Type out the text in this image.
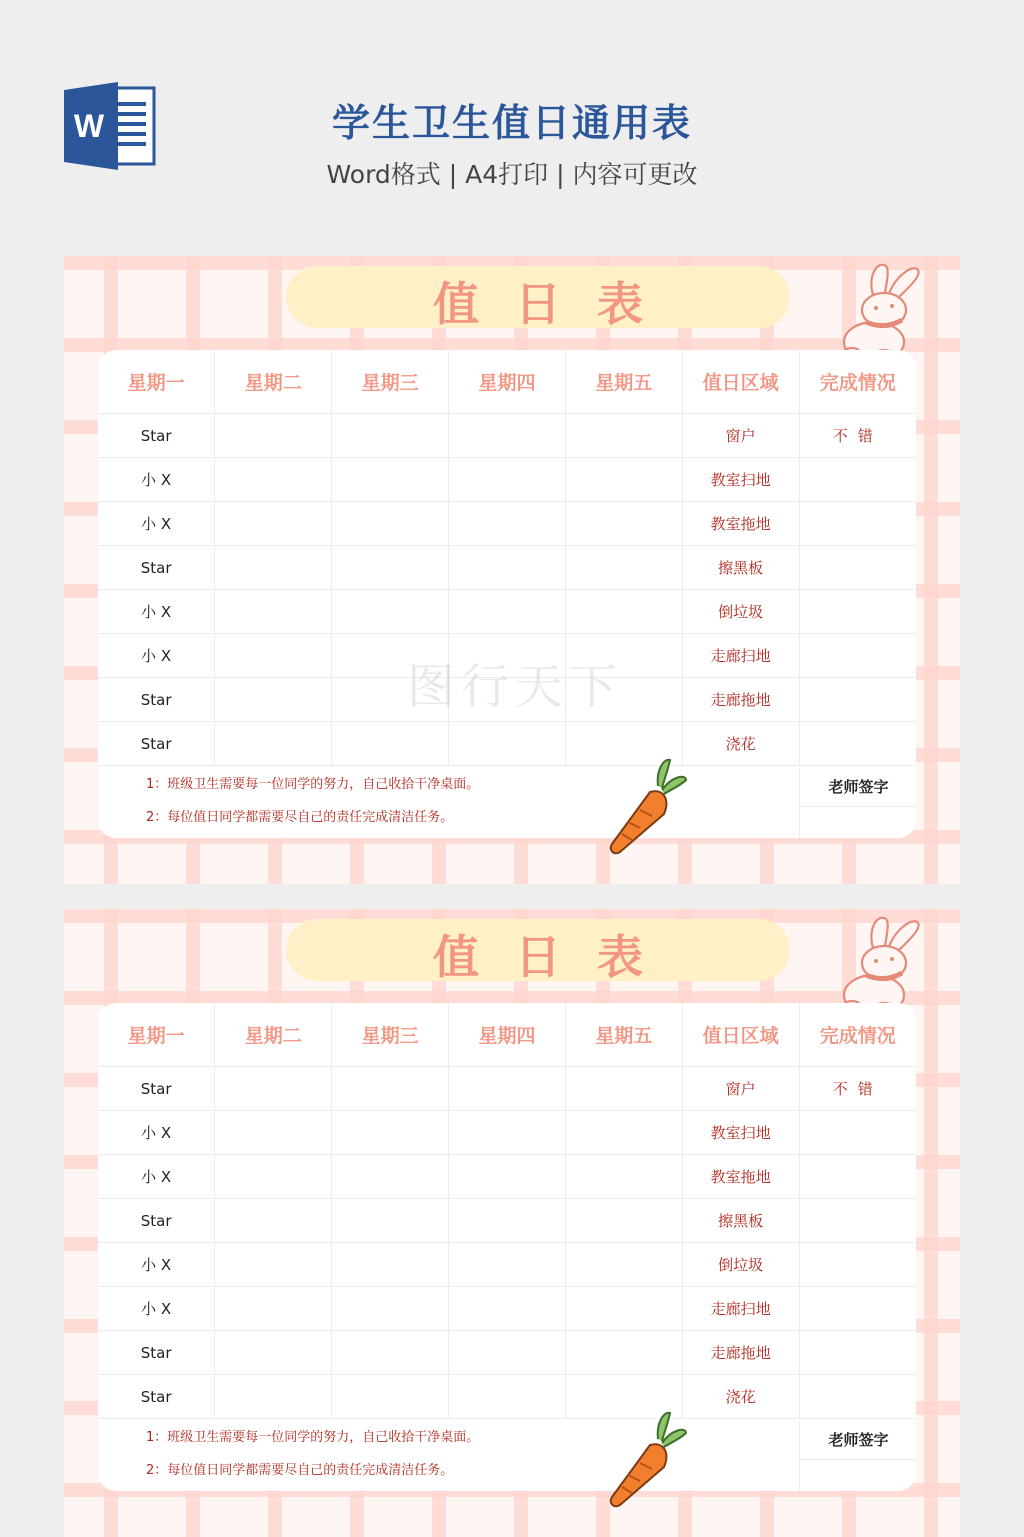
W	学生卫生值日通用表
Word格式 | A4打印 | 内容可更改
值日表
星期一	星期二	星期三	星期四	星期五	值日区域	完成情况
Star					窗户	不错
小 X					教室扫地	
小 X					教室拖地	
Star					擦黑板	
小 X					倒垃圾	
小 X					走廊扫地	
Star					走廊拖地	
Star					浇花	
1：班级卫生需要每一位同学的努力，自己收拾干净桌面。
2：每位值日同学都需要尽自己的责任完成清洁任务。
老师签字
值日表
星期一	星期二	星期三	星期四	星期五	值日区域	完成情况
Star					窗户	不错
小 X					教室扫地	
小 X					教室拖地	
Star					擦黑板	
小 X					倒垃圾	
小 X					走廊扫地	
Star					走廊拖地	
Star					浇花	
1：班级卫生需要每一位同学的努力，自己收拾干净桌面。
2：每位值日同学都需要尽自己的责任完成清洁任务。
老师签字
图行天下
